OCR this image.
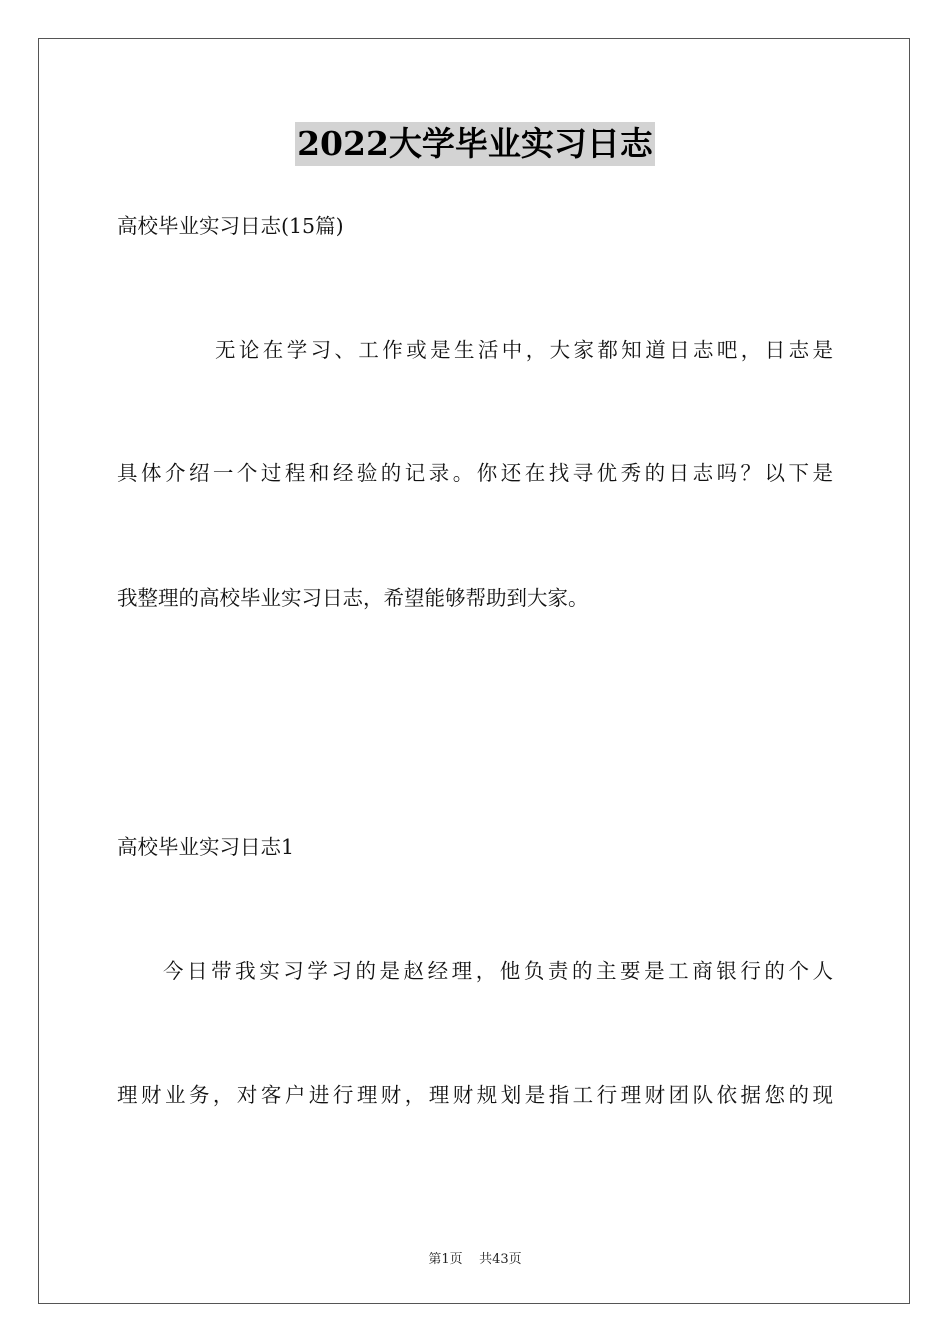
2022大学毕业实习日志
高校毕业实习日志(15篇)
无论在学习、工作或是生活中，大家都知道日志吧，日志是
具体介绍一个过程和经验的记录。你还在找寻优秀的日志吗？以下是
我整理的高校毕业实习日志，希望能够帮助到大家。
高校毕业实习日志1
今日带我实习学习的是赵经理，他负责的主要是工商银行的个人
理财业务，对客户进行理财，理财规划是指工行理财团队依据您的现
第1页 共43页
